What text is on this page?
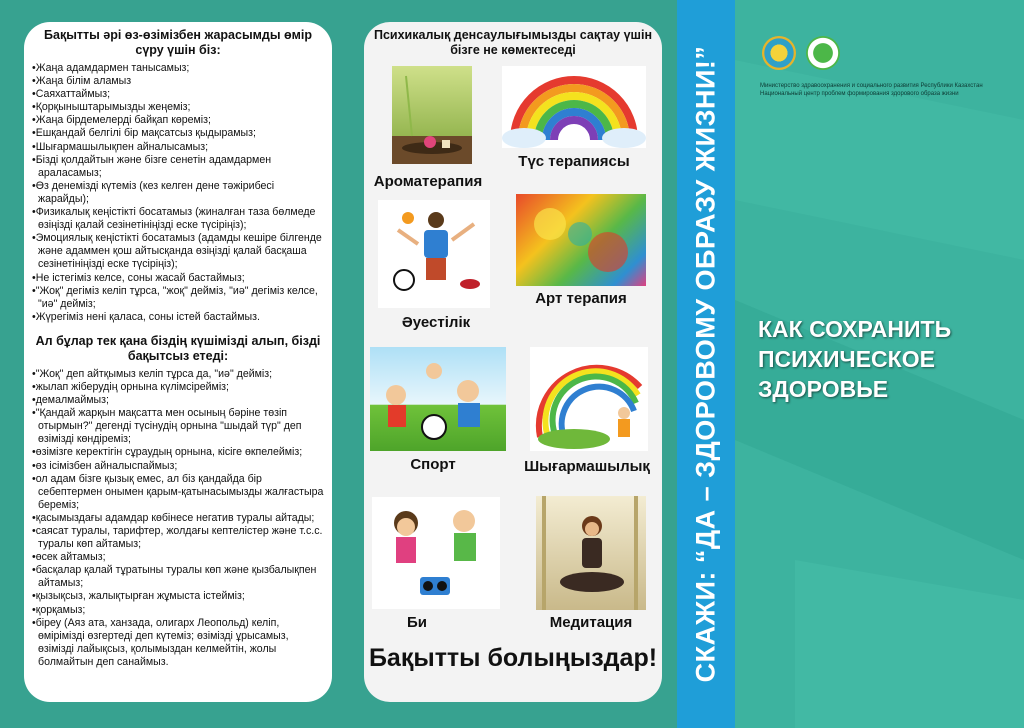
Бақытты әрі өз-өзімізбен жарасымды өмір сүру үшін біз:
• Жаңа адамдармен танысамыз;
• Жаңа білім аламыз
• Саяхаттаймыз;
• Қорқыныштарымызды жеңеміз;
• Жаңа бірдемелерді байқап көреміз;
• Ешқандай белгілі бір мақсатсыз қыдырамыз;
• Шығармашылықпен айналысамыз;
• Бізді қолдайтын және бізге сенетін адамдармен араласамыз;
• Өз денемізді күтеміз (кез келген дене тәжірибесі жарайды);
• Физикалық кеңістікті босатамыз (жиналған таза бөлмеде өзіңізді қалай сезінетініңізді еске түсіріңіз);
• Эмоциялық кеңістікті босатамыз (адамды кешіре білгенде және адаммен қош айтысқанда өзіңізді қалай басқаша сезінетініңізді еске түсіріңіз);
• Не істегіміз келсе, соны жасай бастаймыз;
• "Жоқ" дегіміз келіп тұрса, "жоқ" дейміз, "иә" дегіміз келсе, "иә" дейміз;
• Жүрегіміз нені қаласа, соны істей бастаймыз.
Ал бұлар тек қана біздің күшімізді алып, бізді бақытсыз етеді:
• "Жоқ" деп айтқымыз келіп тұрса да, "иә" дейміз;
• жылап жіберудің орнына күлімсірейміз;
• демалмаймыз;
• "Қандай жарқын мақсатта мен осының бәріне төзіп отырмын?" дегенді түсінудің орнына "шыдай түр" деп өзімізді көндіреміз;
• өзімізге керектігін сұраудың орнына, кісіге өкпелейміз;
• өз ісімізбен айналыспаймыз;
• ол адам бізге қызық емес, ал біз қандайда бір себептермен онымен қарым-қатынасымызды жалғастыра береміз;
• қасымыздағы адамдар көбінесе негатив туралы айтады;
• саясат туралы, тарифтер, жолдағы кептелістер және т.с.с. туралы көп айтамыз;
• өсек айтамыз;
• басқалар қалай тұратыны туралы көп және қызбалықпен айтамыз;
• қызықсыз, жалықтырған жұмыста істейміз;
• қорқамыз;
• біреу (Аяз ата, ханзада, олигарх Леопольд) келіп, өмірімізді өзгертеді деп күтеміз; өзімізді ұрысамыз, өзімізді лайықсыз, қолымыздан келмейтін, жолы болмайтын деп санаймыз.
Психикалық денсаулығымызды сақтау үшін бізге не көмектеседі
Ароматерапия
Түс терапиясы
Әуестілік
Арт терапия
Спорт	Шығармашылық
Би	Медитация
Бақытты болыңыздар! СКАЖИ: “ДА – ЗДОРОВОМУ ОБРАЗУ ЖИЗНИ!”	Министерство здравоохранения и социального развития Республики Казахстан
Национальный центр проблем формирования здорового образа жизни
КАК СОХРАНИТЬ ПСИХИЧЕСКОЕ ЗДОРОВЬЕ
